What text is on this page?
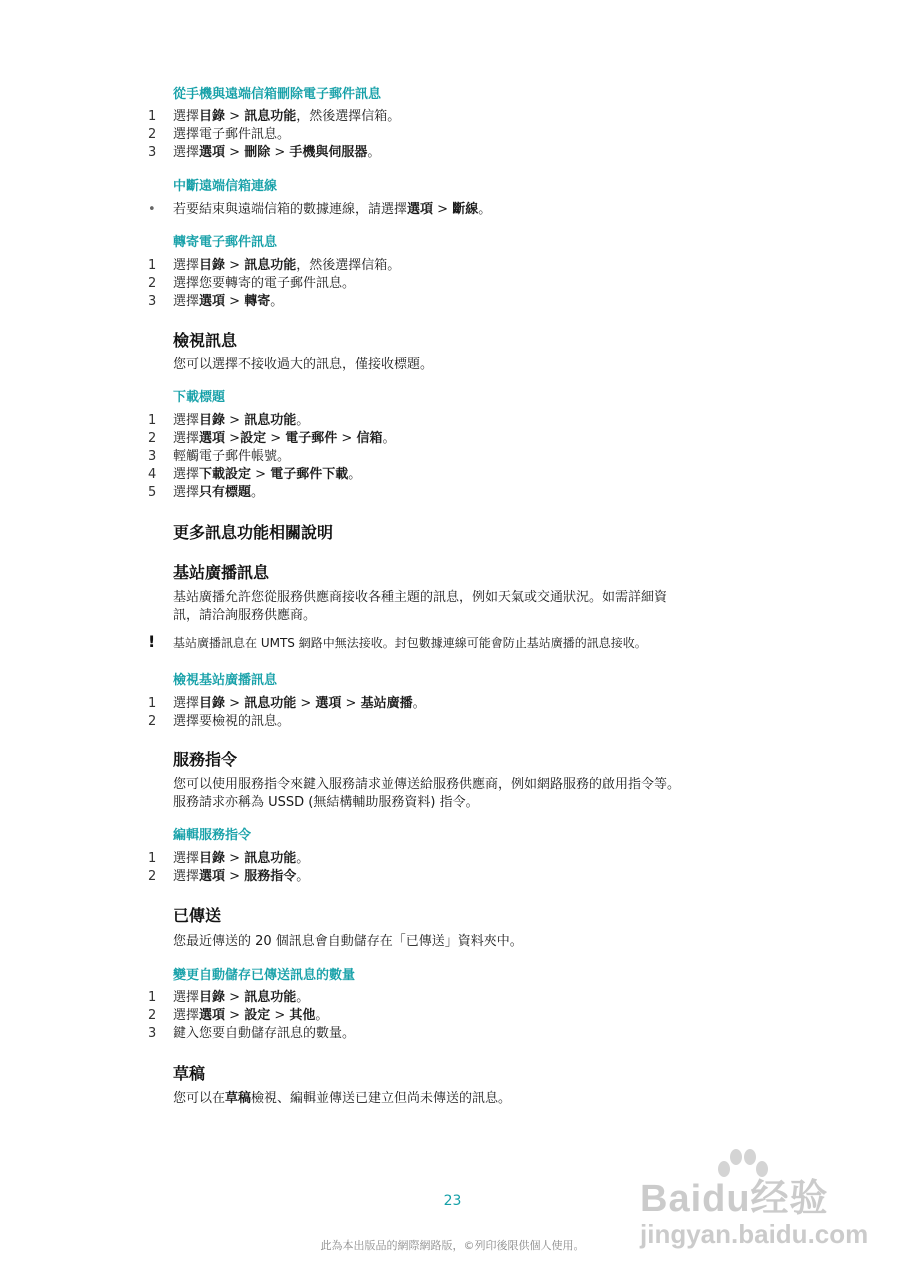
從手機與遠端信箱刪除電子郵件訊息
1 選擇目錄 > 訊息功能，然後選擇信箱。
2 選擇電子郵件訊息。
3 選擇選項 > 刪除 > 手機與伺服器。
中斷遠端信箱連線
• 若要結束與遠端信箱的數據連線，請選擇選項 > 斷線。
轉寄電子郵件訊息
1 選擇目錄 > 訊息功能，然後選擇信箱。
2 選擇您要轉寄的電子郵件訊息。
3 選擇選項 > 轉寄。
檢視訊息
您可以選擇不接收過大的訊息，僅接收標題。
下載標題
1 選擇目錄 > 訊息功能。
2 選擇選項 >設定 > 電子郵件 > 信箱。
3 輕觸電子郵件帳號。
4 選擇下載設定 > 電子郵件下載。
5 選擇只有標題。
更多訊息功能相關說明
基站廣播訊息
基站廣播允許您從服務供應商接收各種主題的訊息，例如天氣或交通狀況。如需詳細資
訊，請洽詢服務供應商。
! 基站廣播訊息在 UMTS 網路中無法接收。封包數據連線可能會防止基站廣播的訊息接收。
檢視基站廣播訊息
1 選擇目錄 > 訊息功能 > 選項 > 基站廣播。
2 選擇要檢視的訊息。
服務指令
您可以使用服務指令來鍵入服務請求並傳送給服務供應商，例如網路服務的啟用指令等。
服務請求亦稱為 USSD (無結構輔助服務資料) 指令。
編輯服務指令
1 選擇目錄 > 訊息功能。
2 選擇選項 > 服務指令。
已傳送
您最近傳送的 20 個訊息會自動儲存在「已傳送」資料夾中。
變更自動儲存已傳送訊息的數量
1 選擇目錄 > 訊息功能。
2 選擇選項 > 設定 > 其他。
3 鍵入您要自動儲存訊息的數量。
草稿
您可以在草稿檢視、編輯並傳送已建立但尚未傳送的訊息。
23
此為本出版品的網際網路版，©列印後限供個人使用。
Baidu经验
jingyan.baidu.com
